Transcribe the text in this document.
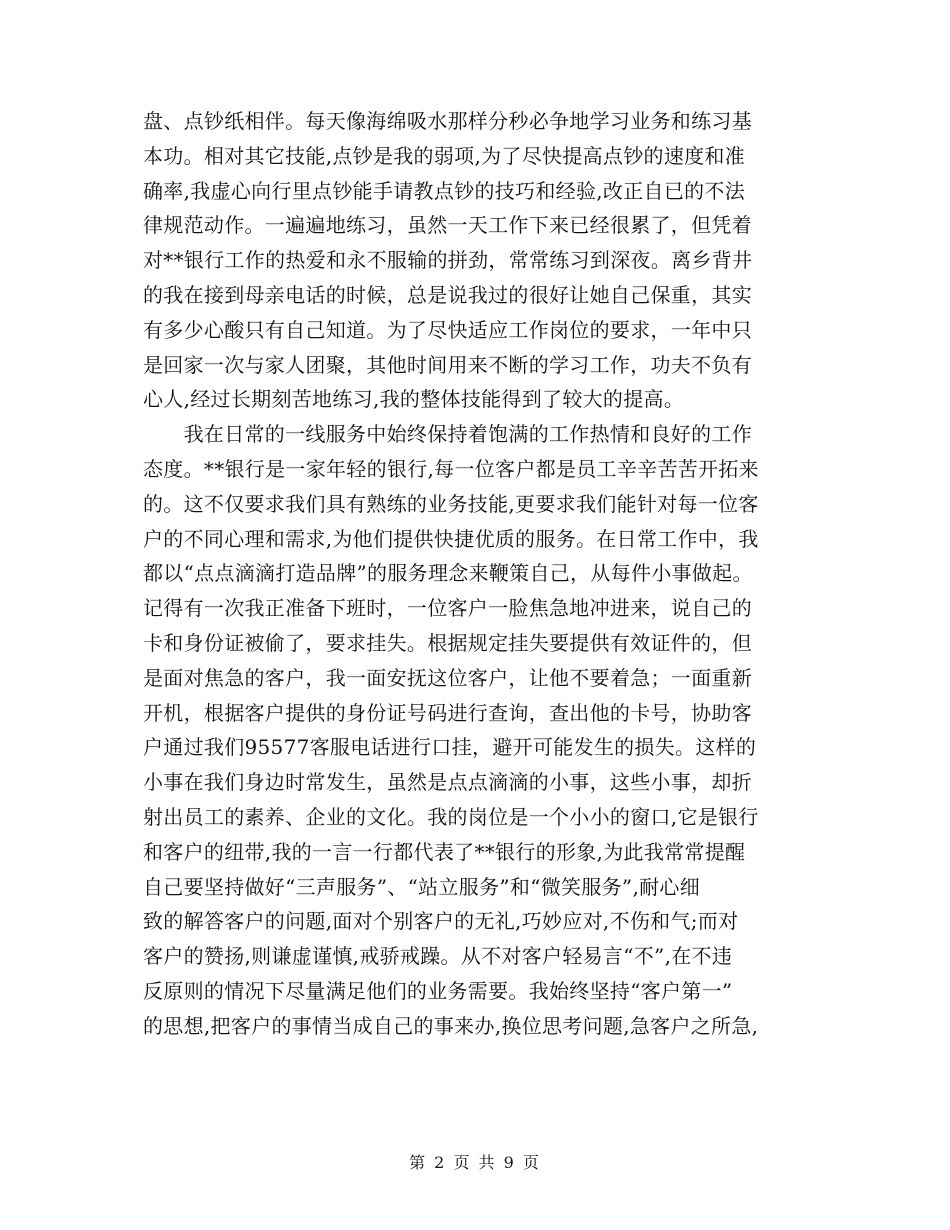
盘、点钞纸相伴。每天像海绵吸水那样分秒必争地学习业务和练习基
本功。相对其它技能,点钞是我的弱项,为了尽快提高点钞的速度和准
确率,我虚心向行里点钞能手请教点钞的技巧和经验,改正自已的不法
律规范动作。一遍遍地练习，虽然一天工作下来已经很累了，但凭着
对**银行工作的热爱和永不服输的拼劲，常常练习到深夜。离乡背井
的我在接到母亲电话的时候，总是说我过的很好让她自己保重，其实
有多少心酸只有自己知道。为了尽快适应工作岗位的要求，一年中只
是回家一次与家人团聚，其他时间用来不断的学习工作，功夫不负有
心人,经过长期刻苦地练习,我的整体技能得到了较大的提高。
　　我在日常的一线服务中始终保持着饱满的工作热情和良好的工作
态度。**银行是一家年轻的银行,每一位客户都是员工辛辛苦苦开拓来
的。这不仅要求我们具有熟练的业务技能,更要求我们能针对每一位客
户的不同心理和需求,为他们提供快捷优质的服务。在日常工作中，我
都以“点点滴滴打造品牌”的服务理念来鞭策自己，从每件小事做起。
记得有一次我正准备下班时，一位客户一脸焦急地冲进来，说自己的
卡和身份证被偷了，要求挂失。根据规定挂失要提供有效证件的，但
是面对焦急的客户，我一面安抚这位客户，让他不要着急；一面重新
开机，根据客户提供的身份证号码进行查询，查出他的卡号，协助客
户通过我们95577客服电话进行口挂，避开可能发生的损失。这样的
小事在我们身边时常发生，虽然是点点滴滴的小事，这些小事，却折
射出员工的素养、企业的文化。我的岗位是一个小小的窗口,它是银行
和客户的纽带,我的一言一行都代表了**银行的形象,为此我常常提醒
自己要坚持做好“三声服务”、“站立服务”和“微笑服务”,耐心细
致的解答客户的问题,面对个别客户的无礼,巧妙应对,不伤和气;而对
客户的赞扬,则谦虚谨慎,戒骄戒躁。从不对客户轻易言“不”,在不违
反原则的情况下尽量满足他们的业务需要。我始终坚持“客户第一”
的思想,把客户的事情当成自己的事来办,换位思考问题,急客户之所急,
第 2 页 共 9 页
